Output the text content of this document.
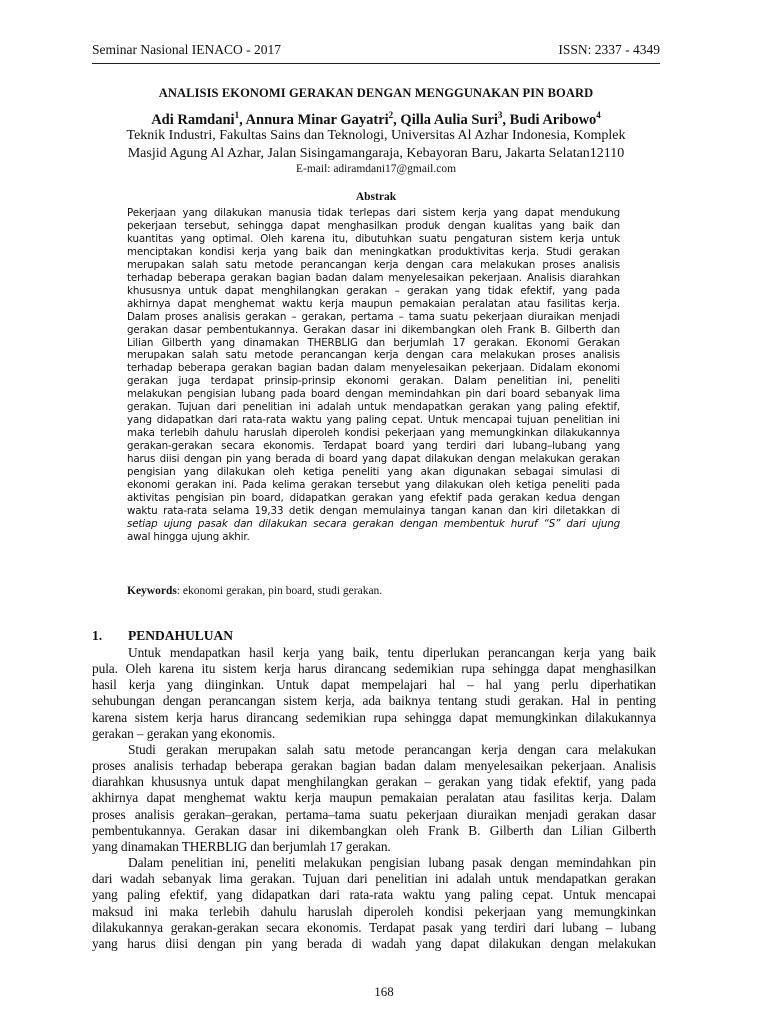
Seminar Nasional IENACO - 2017	ISSN: 2337 - 4349
ANALISIS EKONOMI GERAKAN DENGAN MENGGUNAKAN PIN BOARD
Adi Ramdani$^1$, Annura Minar Gayatri$^2$, Qilla Aulia Suri$^3$, Budi Aribowo$^4$
Teknik Industri, Fakultas Sains dan Teknologi, Universitas Al Azhar Indonesia, Komplek
Masjid Agung Al Azhar, Jalan Sisingamangaraja, Kebayoran Baru, Jakarta Selatan12110
E-mail: adiramdani17@gmail.com
Abstrak
Pekerjaan yang dilakukan manusia tidak terlepas dari sistem kerja yang dapat mendukung
pekerjaan tersebut, sehingga dapat menghasilkan produk dengan kualitas yang baik dan
kuantitas yang optimal. Oleh karena itu, dibutuhkan suatu pengaturan sistem kerja untuk
menciptakan kondisi kerja yang baik dan meningkatkan produktivitas kerja. Studi gerakan
merupakan salah satu metode perancangan kerja dengan cara melakukan proses analisis
terhadap beberapa gerakan bagian badan dalam menyelesaikan pekerjaan. Analisis diarahkan
khususnya untuk dapat menghilangkan gerakan – gerakan yang tidak efektif, yang pada
akhirnya dapat menghemat waktu kerja maupun pemakaian peralatan atau fasilitas kerja.
Dalam proses analisis gerakan – gerakan, pertama – tama suatu pekerjaan diuraikan menjadi
gerakan dasar pembentukannya. Gerakan dasar ini dikembangkan oleh Frank B. Gilberth dan
Lilian Gilberth yang dinamakan THERBLIG dan berjumlah 17 gerakan. Ekonomi Gerakan
merupakan salah satu metode perancangan kerja dengan cara melakukan proses analisis
terhadap beberapa gerakan bagian badan dalam menyelesaikan pekerjaan. Didalam ekonomi
gerakan juga terdapat prinsip-prinsip ekonomi gerakan. Dalam penelitian ini, peneliti
melakukan pengisian lubang pada board dengan memindahkan pin dari board sebanyak lima
gerakan. Tujuan dari penelitian ini adalah untuk mendapatkan gerakan yang paling efektif,
yang didapatkan dari rata-rata waktu yang paling cepat. Untuk mencapai tujuan penelitian ini
maka terlebih dahulu haruslah diperoleh kondisi pekerjaan yang memungkinkan dilakukannya
gerakan-gerakan secara ekonomis. Terdapat board yang terdiri dari lubang–lubang yang
harus diisi dengan pin yang berada di board yang dapat dilakukan dengan melakukan gerakan
pengisian yang dilakukan oleh ketiga peneliti yang akan digunakan sebagai simulasi di
ekonomi gerakan ini. Pada kelima gerakan tersebut yang dilakukan oleh ketiga peneliti pada
aktivitas pengisian pin board, didapatkan gerakan yang efektif pada gerakan kedua dengan
waktu rata-rata selama 19,33 detik dengan memulainya tangan kanan dan kiri diletakkan di
setiap ujung pasak dan dilakukan secara gerakan dengan membentuk huruf “S” dari ujung
awal hingga ujung akhir.
Keywords: ekonomi gerakan, pin board, studi gerakan.
1. PENDAHULUAN
Untuk mendapatkan hasil kerja yang baik, tentu diperlukan perancangan kerja yang baik
pula. Oleh karena itu sistem kerja harus dirancang sedemikian rupa sehingga dapat menghasilkan
hasil kerja yang diinginkan. Untuk dapat mempelajari hal – hal yang perlu diperhatikan
sehubungan dengan perancangan sistem kerja, ada baiknya tentang studi gerakan. Hal in penting
karena sistem kerja harus dirancang sedemikian rupa sehingga dapat memungkinkan dilakukannya
gerakan – gerakan yang ekonomis.
Studi gerakan merupakan salah satu metode perancangan kerja dengan cara melakukan
proses analisis terhadap beberapa gerakan bagian badan dalam menyelesaikan pekerjaan. Analisis
diarahkan khususnya untuk dapat menghilangkan gerakan – gerakan yang tidak efektif, yang pada
akhirnya dapat menghemat waktu kerja maupun pemakaian peralatan atau fasilitas kerja. Dalam
proses analisis gerakan–gerakan, pertama–tama suatu pekerjaan diuraikan menjadi gerakan dasar
pembentukannya. Gerakan dasar ini dikembangkan oleh Frank B. Gilberth dan Lilian Gilberth
yang dinamakan THERBLIG dan berjumlah 17 gerakan.
Dalam penelitian ini, peneliti melakukan pengisian lubang pasak dengan memindahkan pin
dari wadah sebanyak lima gerakan. Tujuan dari penelitian ini adalah untuk mendapatkan gerakan
yang paling efektif, yang didapatkan dari rata-rata waktu yang paling cepat. Untuk mencapai
maksud ini maka terlebih dahulu haruslah diperoleh kondisi pekerjaan yang memungkinkan
dilakukannya gerakan-gerakan secara ekonomis. Terdapat pasak yang terdiri dari lubang – lubang
yang harus diisi dengan pin yang berada di wadah yang dapat dilakukan dengan melakukan
168
